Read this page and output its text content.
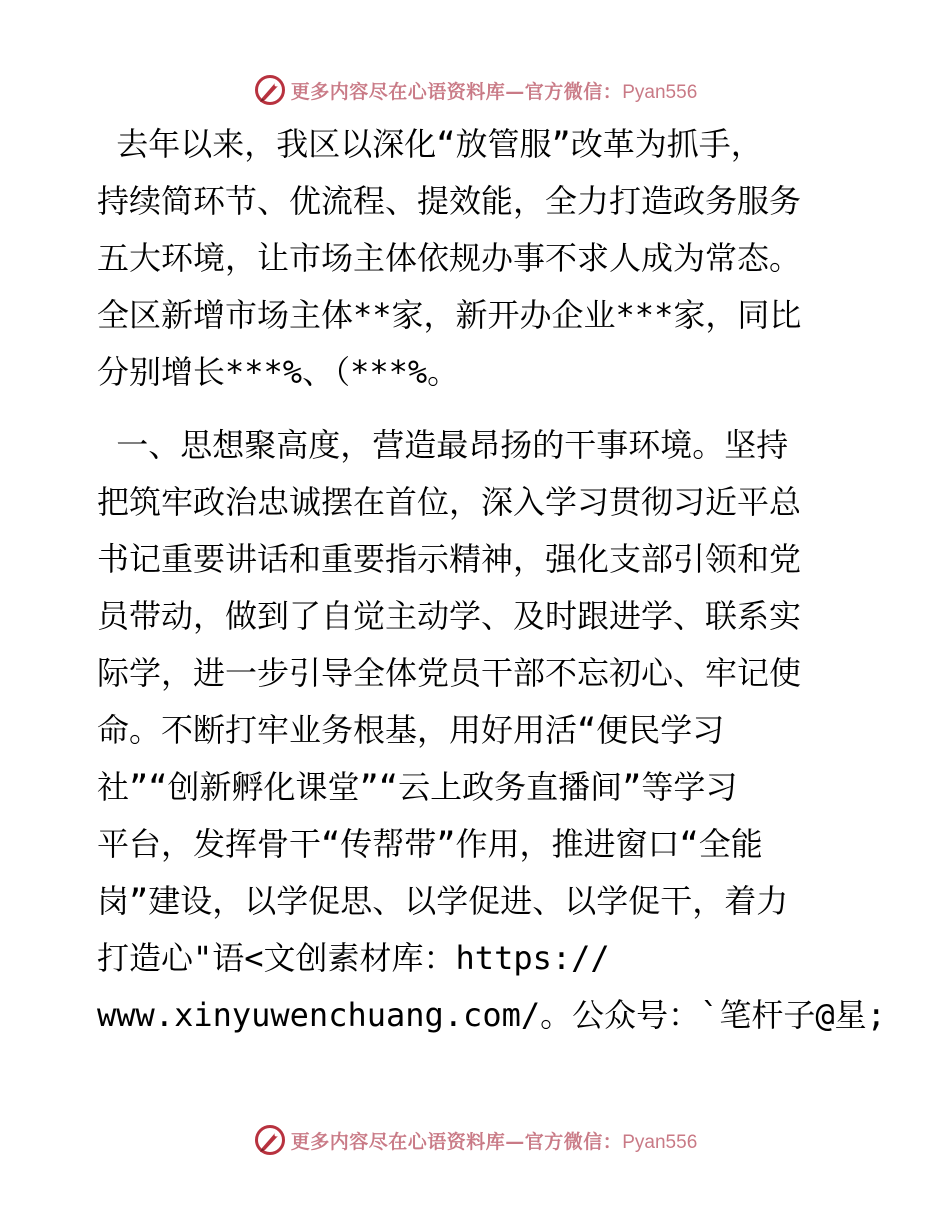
更多内容尽在心语资料库—官方微信：Pyan556
去年以来，我区以深化“放管服”改革为抓手，
持续简环节、优流程、提效能，全力打造政务服务
五大环境，让市场主体依规办事不求人成为常态。
全区新增市场主体**家，新开办企业***家，同比
分别增长***%、（***%。
一、思想聚高度，营造最昂扬的干事环境。坚持
把筑牢政治忠诚摆在首位，深入学习贯彻习近平总
书记重要讲话和重要指示精神，强化支部引领和党
员带动，做到了自觉主动学、及时跟进学、联系实
际学，进一步引导全体党员干部不忘初心、牢记使
命。不断打牢业务根基，用好用活“便民学习
社”“创新孵化课堂”“云上政务直播间”等学习
平台，发挥骨干“传帮带”作用，推进窗口“全能
岗”建设，以学促思、以学促进、以学促干，着力
打造心"语<文创素材库：https://
www.xinyuwenchuang.com/。公众号：`笔杆子@星;
更多内容尽在心语资料库—官方微信：Pyan556
